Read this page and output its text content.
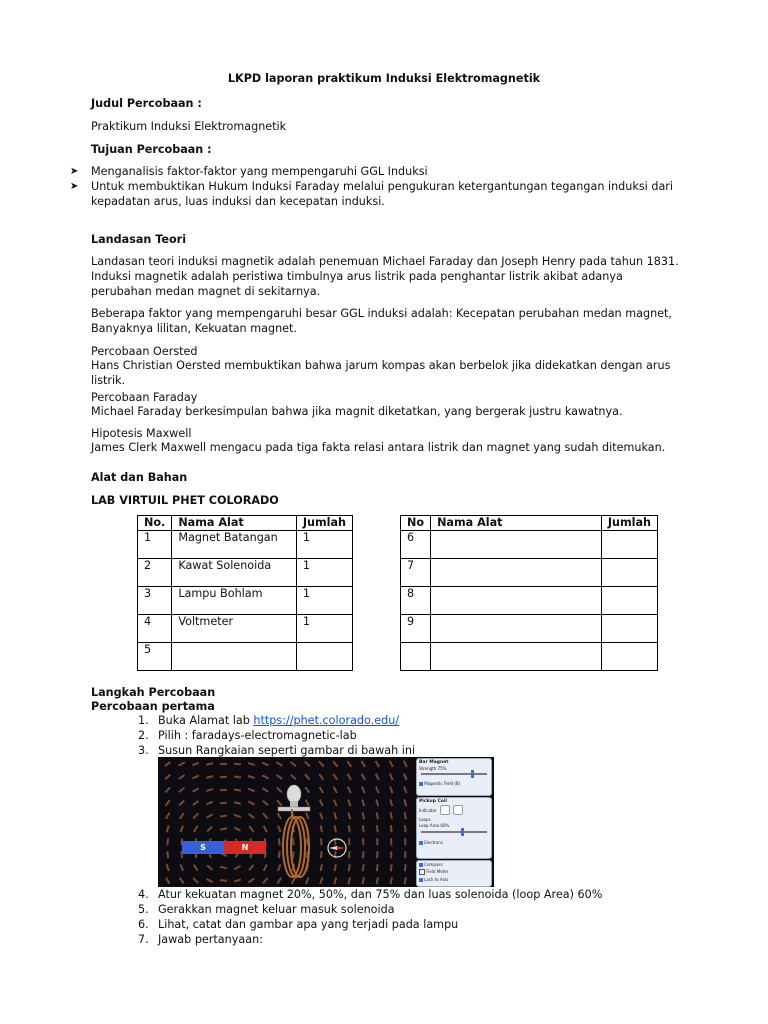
LKPD laporan praktikum Induksi Elektromagnetik

Judul Percobaan :

Praktikum Induksi Elektromagnetik

Tujuan Percobaan :

➤	Menganalisis faktor-faktor yang mempengaruhi GGL Induksi

➤	Untuk membuktikan Hukum Induksi Faraday melalui pengukuran ketergantungan tegangan induksi dari kepadatan arus, luas induksi dan kecepatan induksi.

Landasan Teori

Landasan teori induksi magnetik adalah penemuan Michael Faraday dan Joseph Henry pada tahun 1831. Induksi magnetik adalah peristiwa timbulnya arus listrik pada penghantar listrik akibat adanya perubahan medan magnet di sekitarnya.

Beberapa faktor yang mempengaruhi besar GGL induksi adalah: Kecepatan perubahan medan magnet, Banyaknya lilitan, Kekuatan magnet.

Percobaan Oersted

Hans Christian Oersted membuktikan bahwa jarum kompas akan berbelok jika didekatkan dengan arus listrik.

Percobaan Faraday

Michael Faraday berkesimpulan bahwa jika magnit diketatkan, yang bergerak justru kawatnya.

Hipotesis Maxwell

James Clerk Maxwell mengacu pada tiga fakta relasi antara listrik dan magnet yang sudah ditemukan.

Alat dan Bahan

LAB VIRTUIL PHET COLORADO

No.	Nama Alat	Jumlah
1	Magnet Batangan	1
2	Kawat Solenoida	1
3	Lampu Bohlam	1
4	Voltmeter	1
5		
No	Nama Alat	Jumlah
6		
7		
8		
9		

Langkah Percobaan

Percobaan pertama

1. Buka Alamat lab https://phet.colorado.edu/
2. Pilih : faradays-electromagnetic-lab
3. Susun Rangkaian seperti gambar di bawah ini
S	N
Bar Magnet
Strength 75%
Magnetic Field (B)
Pickup Coil
Indicator
Loops
Loop Area 60%
Electrons
Compass
Field Meter
Lock to Axis
4. Atur kekuatan magnet 20%, 50%, dan 75% dan luas solenoida (loop Area) 60%
5. Gerakkan magnet keluar masuk solenoida
6. Lihat, catat dan gambar apa yang terjadi pada lampu
7. Jawab pertanyaan:
